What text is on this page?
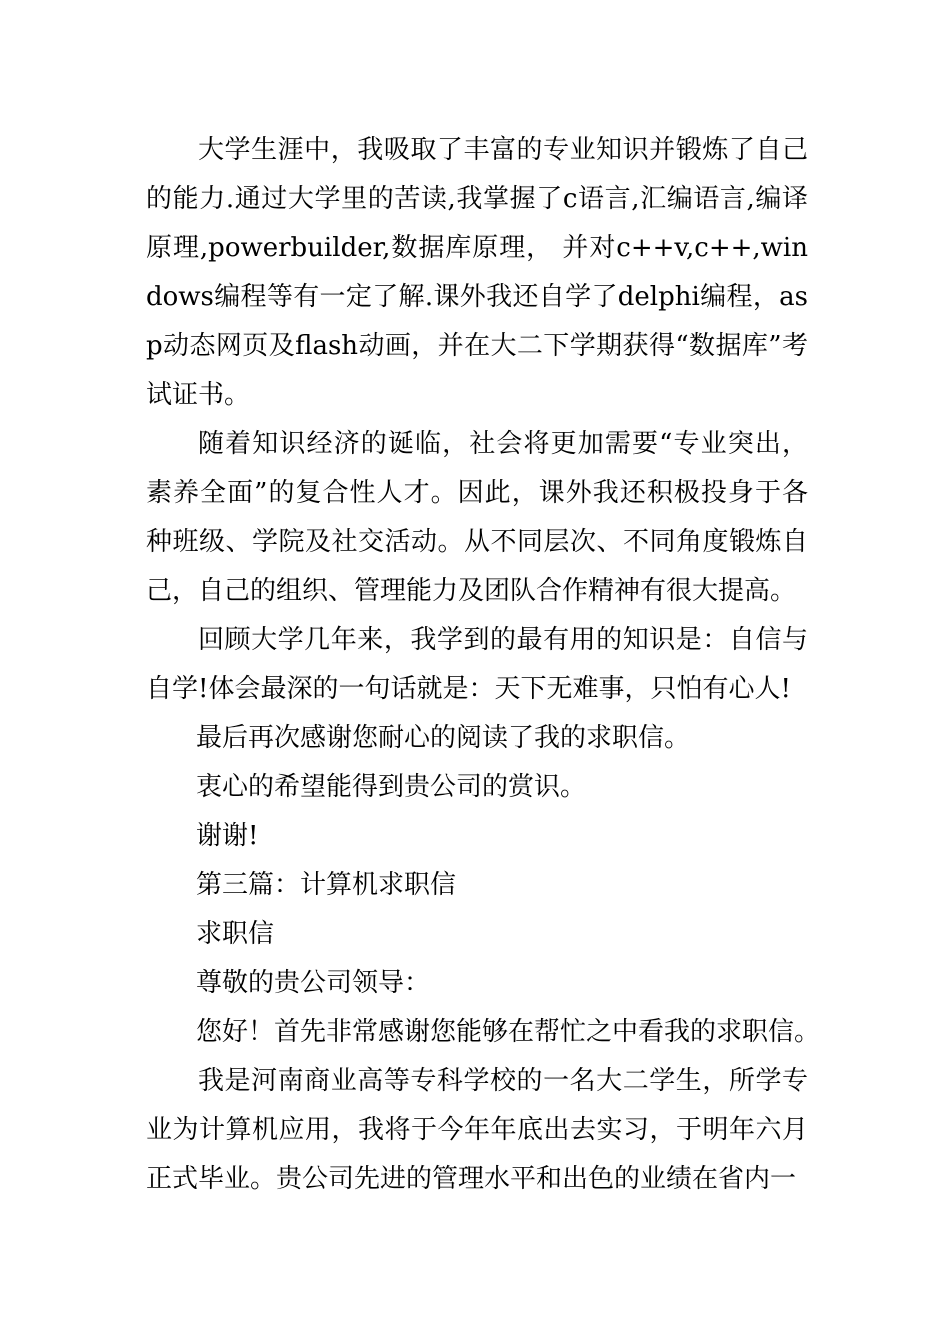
大学生涯中，我吸取了丰富的专业知识并锻炼了自己的能力.通过大学里的苦读,我掌握了c语言,汇编语言,编译原理,powerbuilder,数据库原理， 并对c++v,c++,windows编程等有一定了解.课外我还自学了delphi编程，asp动态网页及flash动画，并在大二下学期获得“数据库”考试证书。

随着知识经济的诞临，社会将更加需要“专业突出，素养全面”的复合性人才。因此，课外我还积极投身于各种班级、学院及社交活动。从不同层次、不同角度锻炼自己，自己的组织、管理能力及团队合作精神有很大提高。

回顾大学几年来，我学到的最有用的知识是：自信与自学!体会最深的一句话就是：天下无难事，只怕有心人!

最后再次感谢您耐心的阅读了我的求职信。

衷心的希望能得到贵公司的赏识。

谢谢!

第三篇：计算机求职信

求职信

尊敬的贵公司领导：

您好！首先非常感谢您能够在帮忙之中看我的求职信。

我是河南商业高等专科学校的一名大二学生，所学专业为计算机应用，我将于今年年底出去实习，于明年六月正式毕业。贵公司先进的管理水平和出色的业绩在省内一
